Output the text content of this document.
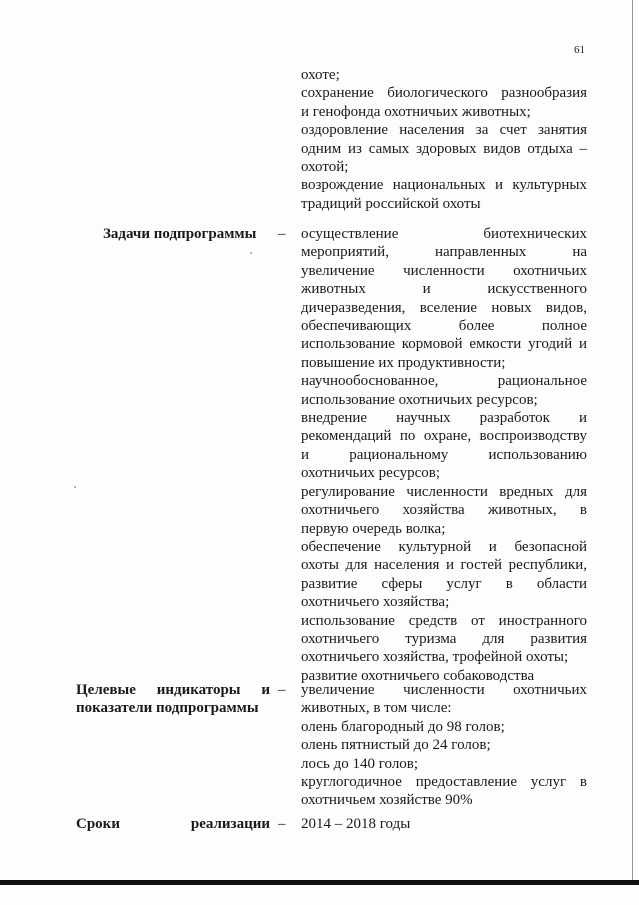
61
охоте;
сохранение биологического разнообразия
и генофонда охотничьих животных;
оздоровление населения за счет занятия
одним из самых здоровых видов отдыха –
охотой;
возрождение национальных и культурных
традиций российской охоты
Задачи подпрограммы – осуществление биотехнических
мероприятий, направленных на
увеличение численности охотничьих
животных и искусственного
дичеразведения, вселение новых видов,
обеспечивающих более полное
использование кормовой емкости угодий и
повышение их продуктивности;
научнообоснованное, рациональное
использование охотничьих ресурсов;
внедрение научных разработок и
рекомендаций по охране, воспроизводству
и рациональному использованию
охотничьих ресурсов;
регулирование численности вредных для
охотничьего хозяйства животных, в
первую очередь волка;
обеспечение культурной и безопасной
охоты для населения и гостей республики,
развитие сферы услуг в области
охотничьего хозяйства;
использование средств от иностранного
охотничьего туризма для развития
охотничьего хозяйства, трофейной охоты;
развитие охотничьего собаководства
Целевые индикаторы и
показатели подпрограммы
– увеличение численности охотничьих
животных, в том числе:
олень благородный до 98 голов;
олень пятнистый до 24 голов;
лось до 140 голов;
круглогодичное предоставление услуг в
охотничьем хозяйстве 90%
Сроки реализации – 2014 – 2018 годы
